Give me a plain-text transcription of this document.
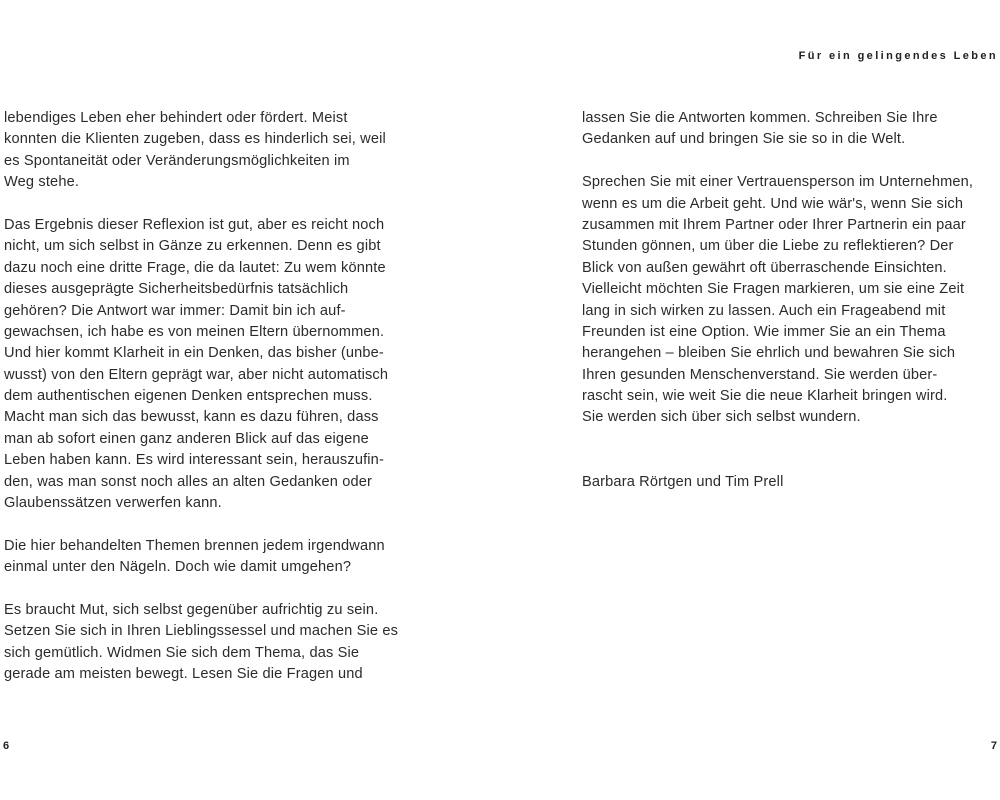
Für ein gelingendes Leben
lebendiges Leben eher behindert oder fördert. Meist
konnten die Klienten zugeben, dass es hinderlich sei, weil
es Spontaneität oder Veränderungsmöglichkeiten im
Weg stehe.
Das Ergebnis dieser Reflexion ist gut, aber es reicht noch
nicht, um sich selbst in Gänze zu erkennen. Denn es gibt
dazu noch eine dritte Frage, die da lautet: Zu wem könnte
dieses ausgeprägte Sicherheitsbedürfnis tatsächlich
gehören? Die Antwort war immer: Damit bin ich auf-
gewachsen, ich habe es von meinen Eltern übernommen.
Und hier kommt Klarheit in ein Denken, das bisher (unbe-
wusst) von den Eltern geprägt war, aber nicht automatisch
dem authentischen eigenen Denken entsprechen muss.
Macht man sich das bewusst, kann es dazu führen, dass
man ab sofort einen ganz anderen Blick auf das eigene
Leben haben kann. Es wird interessant sein, herauszufin-
den, was man sonst noch alles an alten Gedanken oder
Glaubenssätzen verwerfen kann.
Die hier behandelten Themen brennen jedem irgendwann
einmal unter den Nägeln. Doch wie damit umgehen?
Es braucht Mut, sich selbst gegenüber aufrichtig zu sein.
Setzen Sie sich in Ihren Lieblingssessel und machen Sie es
sich gemütlich. Widmen Sie sich dem Thema, das Sie
gerade am meisten bewegt. Lesen Sie die Fragen und
lassen Sie die Antworten kommen. Schreiben Sie Ihre
Gedanken auf und bringen Sie sie so in die Welt.
Sprechen Sie mit einer Vertrauensperson im Unternehmen,
wenn es um die Arbeit geht. Und wie wär's, wenn Sie sich
zusammen mit Ihrem Partner oder Ihrer Partnerin ein paar
Stunden gönnen, um über die Liebe zu reflektieren? Der
Blick von außen gewährt oft überraschende Einsichten.
Vielleicht möchten Sie Fragen markieren, um sie eine Zeit
lang in sich wirken zu lassen. Auch ein Frageabend mit
Freunden ist eine Option. Wie immer Sie an ein Thema
herangehen – bleiben Sie ehrlich und bewahren Sie sich
Ihren gesunden Menschenverstand. Sie werden über-
rascht sein, wie weit Sie die neue Klarheit bringen wird.
Sie werden sich über sich selbst wundern.
Barbara Rörtgen und Tim Prell
6	7
